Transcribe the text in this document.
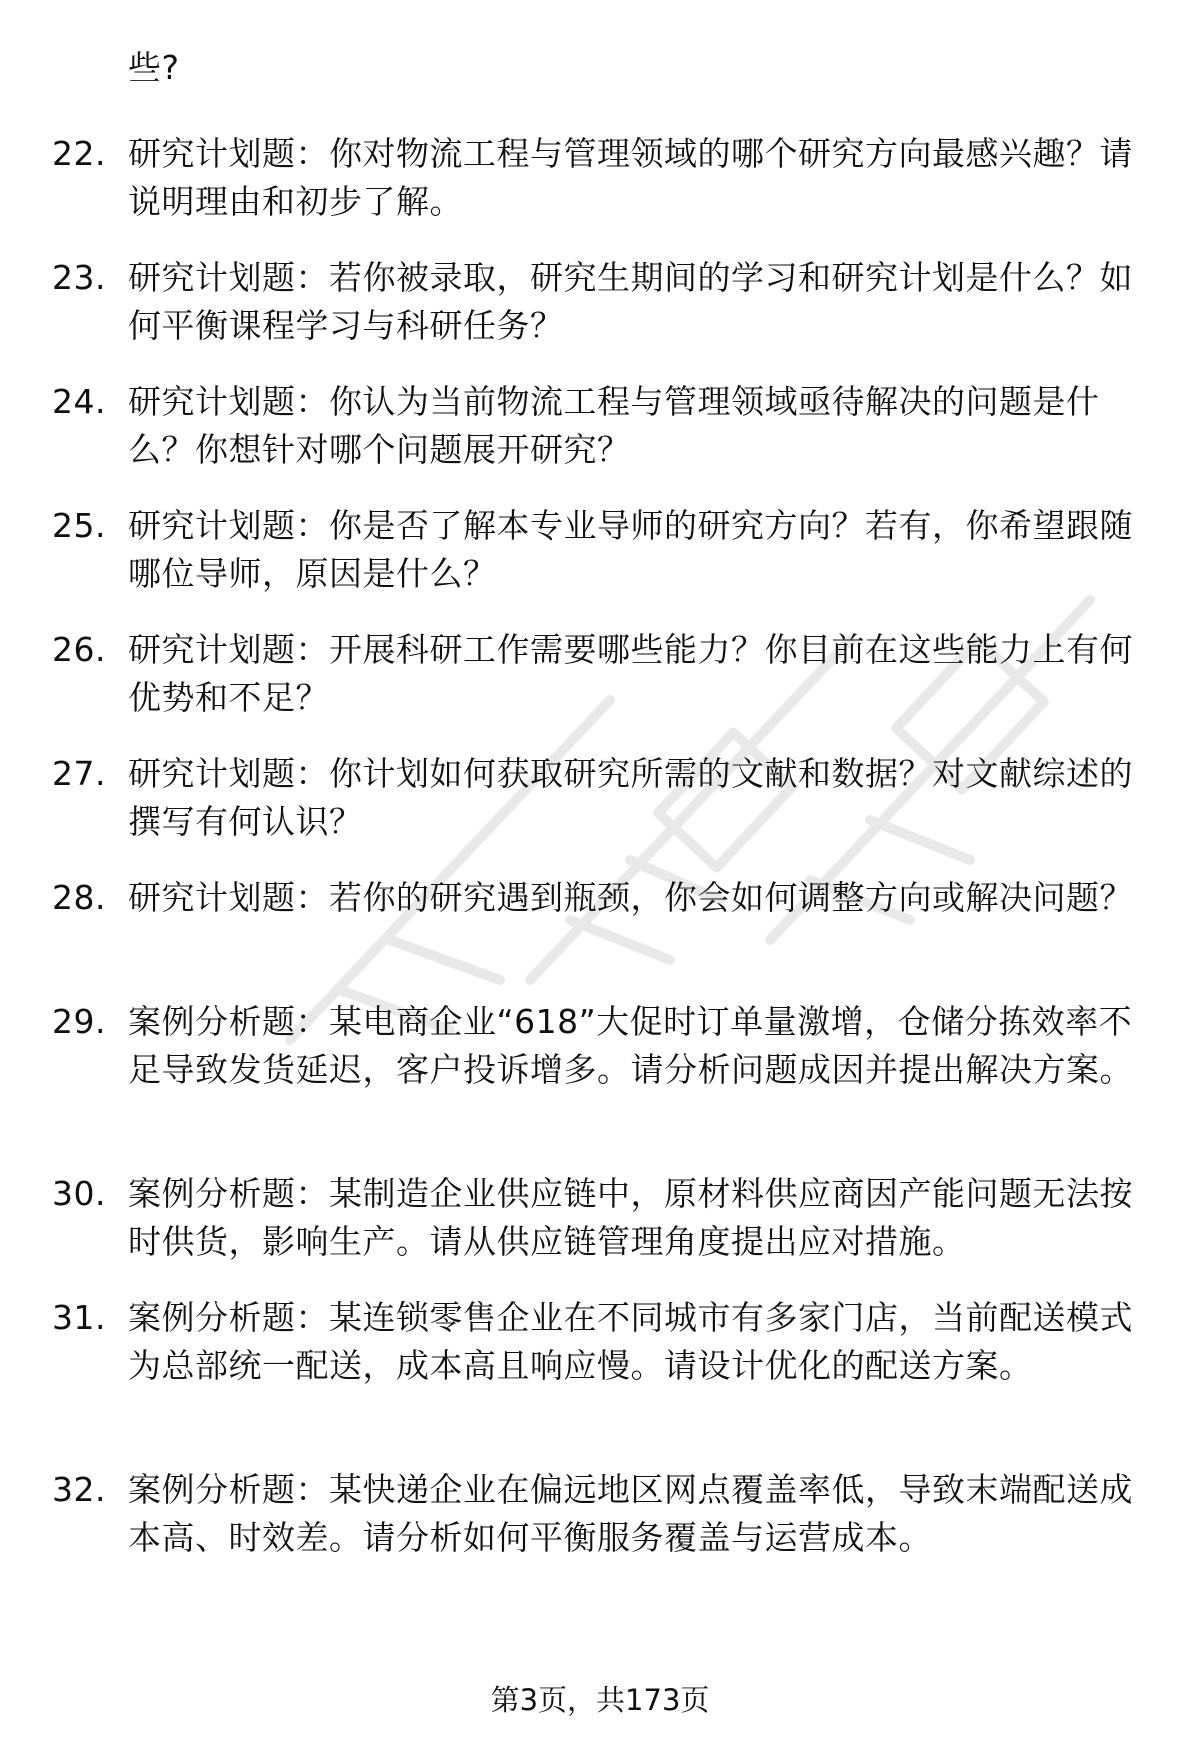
些?
22. 研究计划题：你对物流工程与管理领域的哪个研究方向最感兴趣？请说明理由和初步了解。
23. 研究计划题：若你被录取，研究生期间的学习和研究计划是什么？如何平衡课程学习与科研任务？
24. 研究计划题：你认为当前物流工程与管理领域亟待解决的问题是什么？你想针对哪个问题展开研究？
25. 研究计划题：你是否了解本专业导师的研究方向？若有，你希望跟随哪位导师，原因是什么？
26. 研究计划题：开展科研工作需要哪些能力？你目前在这些能力上有何优势和不足？
27. 研究计划题：你计划如何获取研究所需的文献和数据？对文献综述的撰写有何认识？
28. 研究计划题：若你的研究遇到瓶颈，你会如何调整方向或解决问题？
29. 案例分析题：某电商企业“618”大促时订单量激增，仓储分拣效率不足导致发货延迟，客户投诉增多。请分析问题成因并提出解决方案。
30. 案例分析题：某制造企业供应链中，原材料供应商因产能问题无法按时供货，影响生产。请从供应链管理角度提出应对措施。
31. 案例分析题：某连锁零售企业在不同城市有多家门店，当前配送模式为总部统一配送，成本高且响应慢。请设计优化的配送方案。
32. 案例分析题：某快递企业在偏远地区网点覆盖率低，导致末端配送成本高、时效差。请分析如何平衡服务覆盖与运营成本。
第3页，共173页
